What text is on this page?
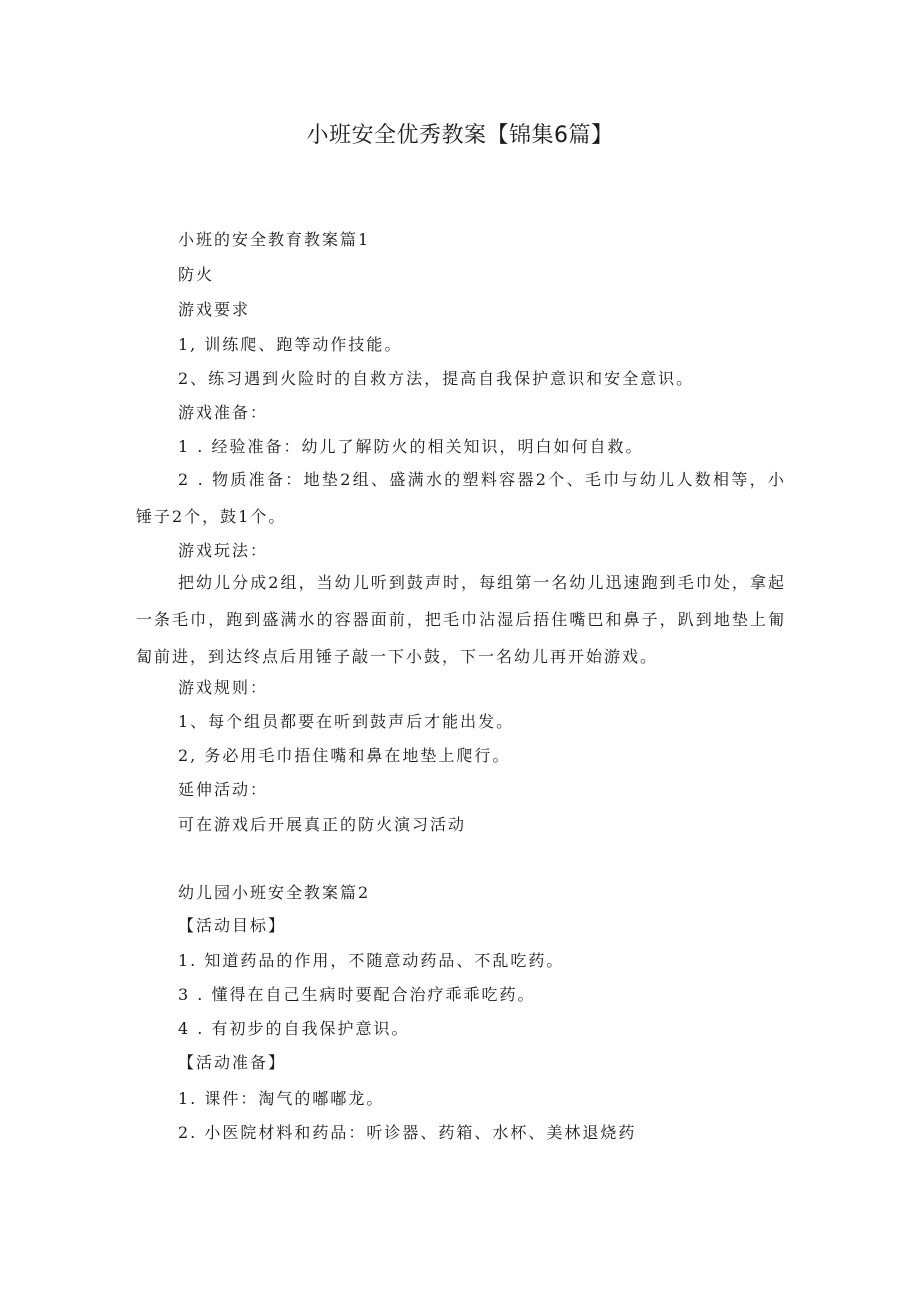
小班安全优秀教案【锦集6篇】
小班的安全教育教案篇1
防火
游戏要求
1, 训练爬、跑等动作技能。
2、练习遇到火险时的自救方法，提高自我保护意识和安全意识。
游戏准备：
1 . 经验准备：幼儿了解防火的相关知识，明白如何自救。
2 . 物质准备：地垫2组、盛满水的塑料容器2个、毛巾与幼儿人数相等，小锤子2个，鼓1个。
游戏玩法：
把幼儿分成2组，当幼儿听到鼓声时，每组第一名幼儿迅速跑到毛巾处，拿起一条毛巾，跑到盛满水的容器面前，把毛巾沾湿后捂住嘴巴和鼻子，趴到地垫上匍匐前进，到达终点后用锤子敲一下小鼓，下一名幼儿再开始游戏。
游戏规则：
1、每个组员都要在听到鼓声后才能出发。
2, 务必用毛巾捂住嘴和鼻在地垫上爬行。
延伸活动：
可在游戏后开展真正的防火演习活动
幼儿园小班安全教案篇2
【活动目标】
1. 知道药品的作用，不随意动药品、不乱吃药。
3 . 懂得在自己生病时要配合治疗乖乖吃药。
4 . 有初步的自我保护意识。
【活动准备】
1. 课件：淘气的嘟嘟龙。
2. 小医院材料和药品：听诊器、药箱、水杯、美林退烧药
